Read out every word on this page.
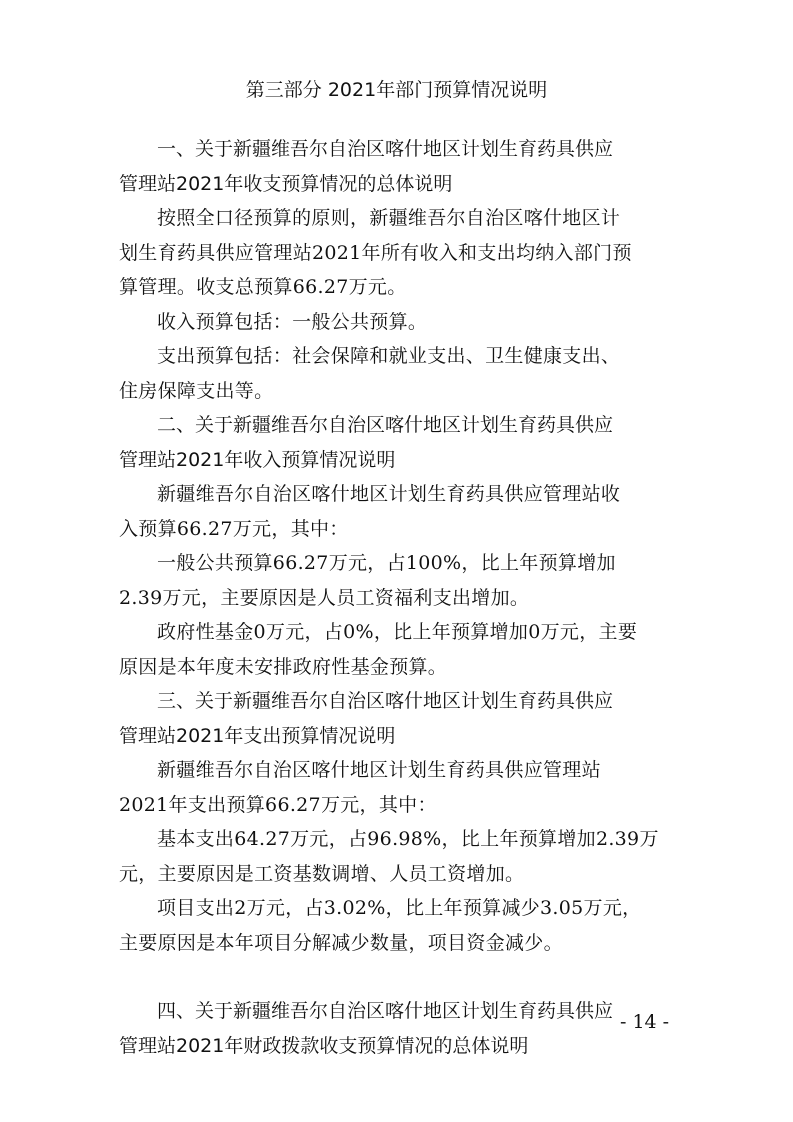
第三部分 2021年部门预算情况说明
一、关于新疆维吾尔自治区喀什地区计划生育药具供应
管理站2021年收支预算情况的总体说明
按照全口径预算的原则，新疆维吾尔自治区喀什地区计
划生育药具供应管理站2021年所有收入和支出均纳入部门预
算管理。收支总预算66.27万元。
收入预算包括：一般公共预算。
支出预算包括：社会保障和就业支出、卫生健康支出、
住房保障支出等。
二、关于新疆维吾尔自治区喀什地区计划生育药具供应
管理站2021年收入预算情况说明
新疆维吾尔自治区喀什地区计划生育药具供应管理站收
入预算66.27万元，其中：
一般公共预算66.27万元，占100%，比上年预算增加
2.39万元，主要原因是人员工资福利支出增加。
政府性基金0万元，占0%，比上年预算增加0万元，主要
原因是本年度未安排政府性基金预算。
三、关于新疆维吾尔自治区喀什地区计划生育药具供应
管理站2021年支出预算情况说明
新疆维吾尔自治区喀什地区计划生育药具供应管理站
2021年支出预算66.27万元，其中：
基本支出64.27万元，占96.98%，比上年预算增加2.39万
元，主要原因是工资基数调增、人员工资增加。
项目支出2万元，占3.02%，比上年预算减少3.05万元，
主要原因是本年项目分解减少数量，项目资金减少。
四、关于新疆维吾尔自治区喀什地区计划生育药具供应
管理站2021年财政拨款收支预算情况的总体说明
- 14 -
